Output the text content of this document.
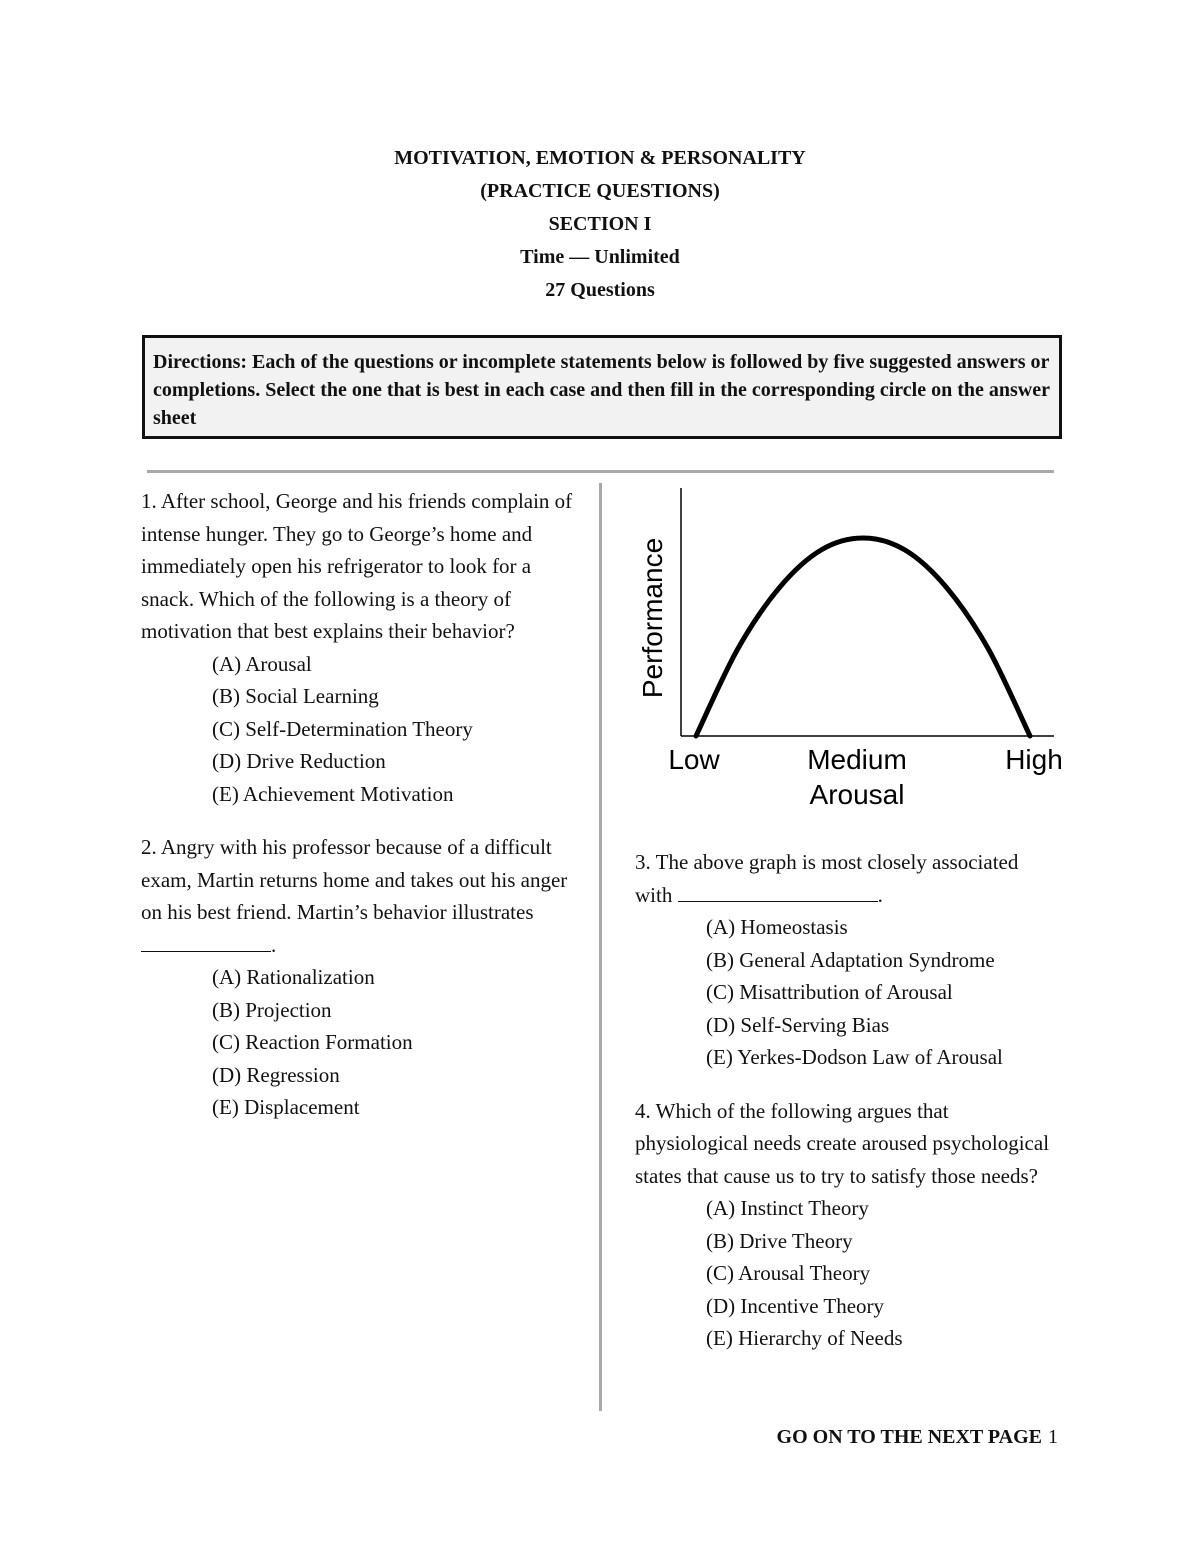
MOTIVATION, EMOTION & PERSONALITY
(PRACTICE QUESTIONS)
SECTION I
Time — Unlimited
27 Questions
Directions: Each of the questions or incomplete statements below is followed by five suggested answers or completions. Select the one that is best in each case and then fill in the corresponding circle on the answer sheet

1. After school, George and his friends complain of intense hunger. They go to George’s home and immediately open his refrigerator to look for a snack. Which of the following is a theory of motivation that best explains their behavior?

(A) Arousal
(B) Social Learning
(C) Self-Determination Theory
(D) Drive Reduction
(E) Achievement Motivation

2. Angry with his professor because of a difficult exam, Martin returns home and takes out his anger on his best friend. Martin’s behavior illustrates.

(A) Rationalization
(B) Projection
(C) Reaction Formation
(D) Regression
(E) Displacement
Performance
Low	Medium	High
Arousal

3. The above graph is most closely associated with	.

(A) Homeostasis
(B) General Adaptation Syndrome
(C) Misattribution of Arousal
(D) Self-Serving Bias
(E) Yerkes-Dodson Law of Arousal

4. Which of the following argues that physiological needs create aroused psychological states that cause us to try to satisfy those needs?

(A) Instinct Theory
(B) Drive Theory
(C) Arousal Theory
(D) Incentive Theory
(E) Hierarchy of Needs
GO ON TO THE NEXT PAGE 1
